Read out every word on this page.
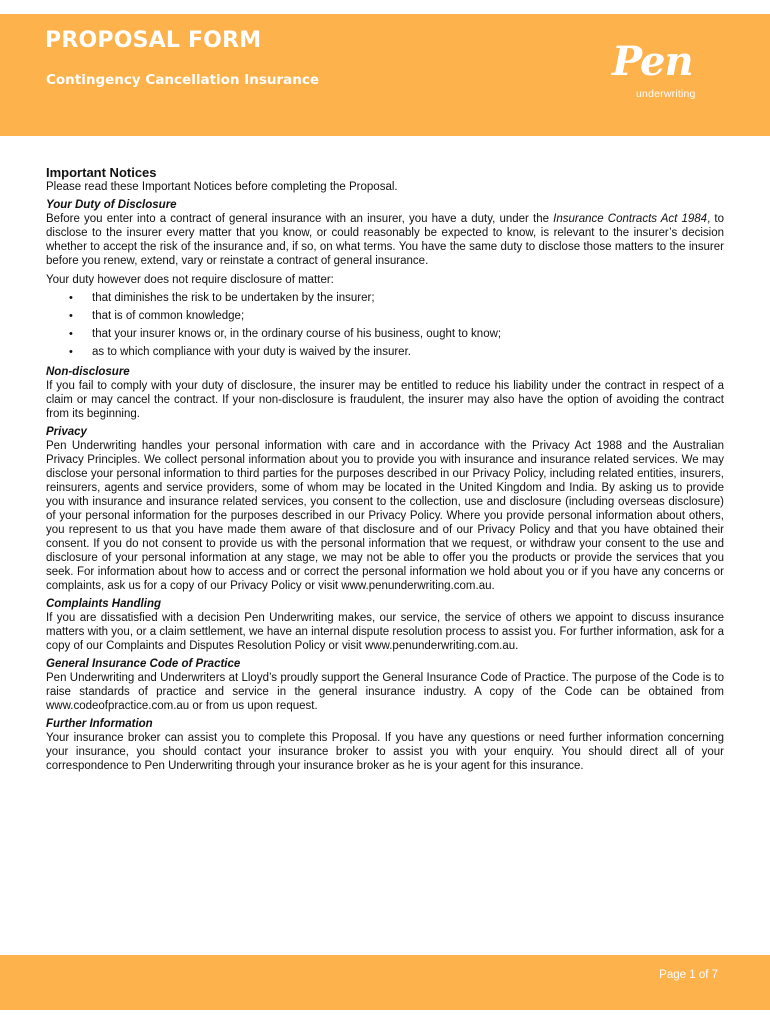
PROPOSAL FORM
Contingency Cancellation Insurance	Pen
underwriting
Important Notices

Please read these Important Notices before completing the Proposal.

Your Duty of Disclosure

Before you enter into a contract of general insurance with an insurer, you have a duty, under the Insurance Contracts Act 1984, to disclose to the insurer every matter that you know, or could reasonably be expected to know, is relevant to the insurer’s decision whether to accept the risk of the insurance and, if so, on what terms. You have the same duty to disclose those matters to the insurer before you renew, extend, vary or reinstate a contract of general insurance.

Your duty however does not require disclosure of matter:

• that diminishes the risk to be undertaken by the insurer;
• that is of common knowledge;
• that your insurer knows or, in the ordinary course of his business, ought to know;
• as to which compliance with your duty is waived by the insurer.
Non-disclosure

If you fail to comply with your duty of disclosure, the insurer may be entitled to reduce his liability under the contract in respect of a claim or may cancel the contract. If your non-disclosure is fraudulent, the insurer may also have the option of avoiding the contract from its beginning.

Privacy

Pen Underwriting handles your personal information with care and in accordance with the Privacy Act 1988 and the Australian Privacy Principles. We collect personal information about you to provide you with insurance and insurance related services. We may disclose your personal information to third parties for the purposes described in our Privacy Policy, including related entities, insurers, reinsurers, agents and service providers, some of whom may be located in the United Kingdom and India. By asking us to provide you with insurance and insurance related services, you consent to the collection, use and disclosure (including overseas disclosure) of your personal information for the purposes described in our Privacy Policy. Where you provide personal information about others, you represent to us that you have made them aware of that disclosure and of our Privacy Policy and that you have obtained their consent. If you do not consent to provide us with the personal information that we request, or withdraw your consent to the use and disclosure of your personal information at any stage, we may not be able to offer you the products or provide the services that you seek. For information about how to access and or correct the personal information we hold about you or if you have any concerns or complaints, ask us for a copy of our Privacy Policy or visit www.penunderwriting.com.au.

Complaints Handling

If you are dissatisfied with a decision Pen Underwriting makes, our service, the service of others we appoint to discuss insurance matters with you, or a claim settlement, we have an internal dispute resolution process to assist you. For further information, ask for a copy of our Complaints and Disputes Resolution Policy or visit www.penunderwriting.com.au.

General Insurance Code of Practice

Pen Underwriting and Underwriters at Lloyd’s proudly support the General Insurance Code of Practice. The purpose of the Code is to raise standards of practice and service in the general insurance industry. A copy of the Code can be obtained from www.codeofpractice.com.au or from us upon request.

Further Information

Your insurance broker can assist you to complete this Proposal. If you have any questions or need further information concerning your insurance, you should contact your insurance broker to assist you with your enquiry. You should direct all of your correspondence to Pen Underwriting through your insurance broker as he is your agent for this insurance.

Page 1 of 7
